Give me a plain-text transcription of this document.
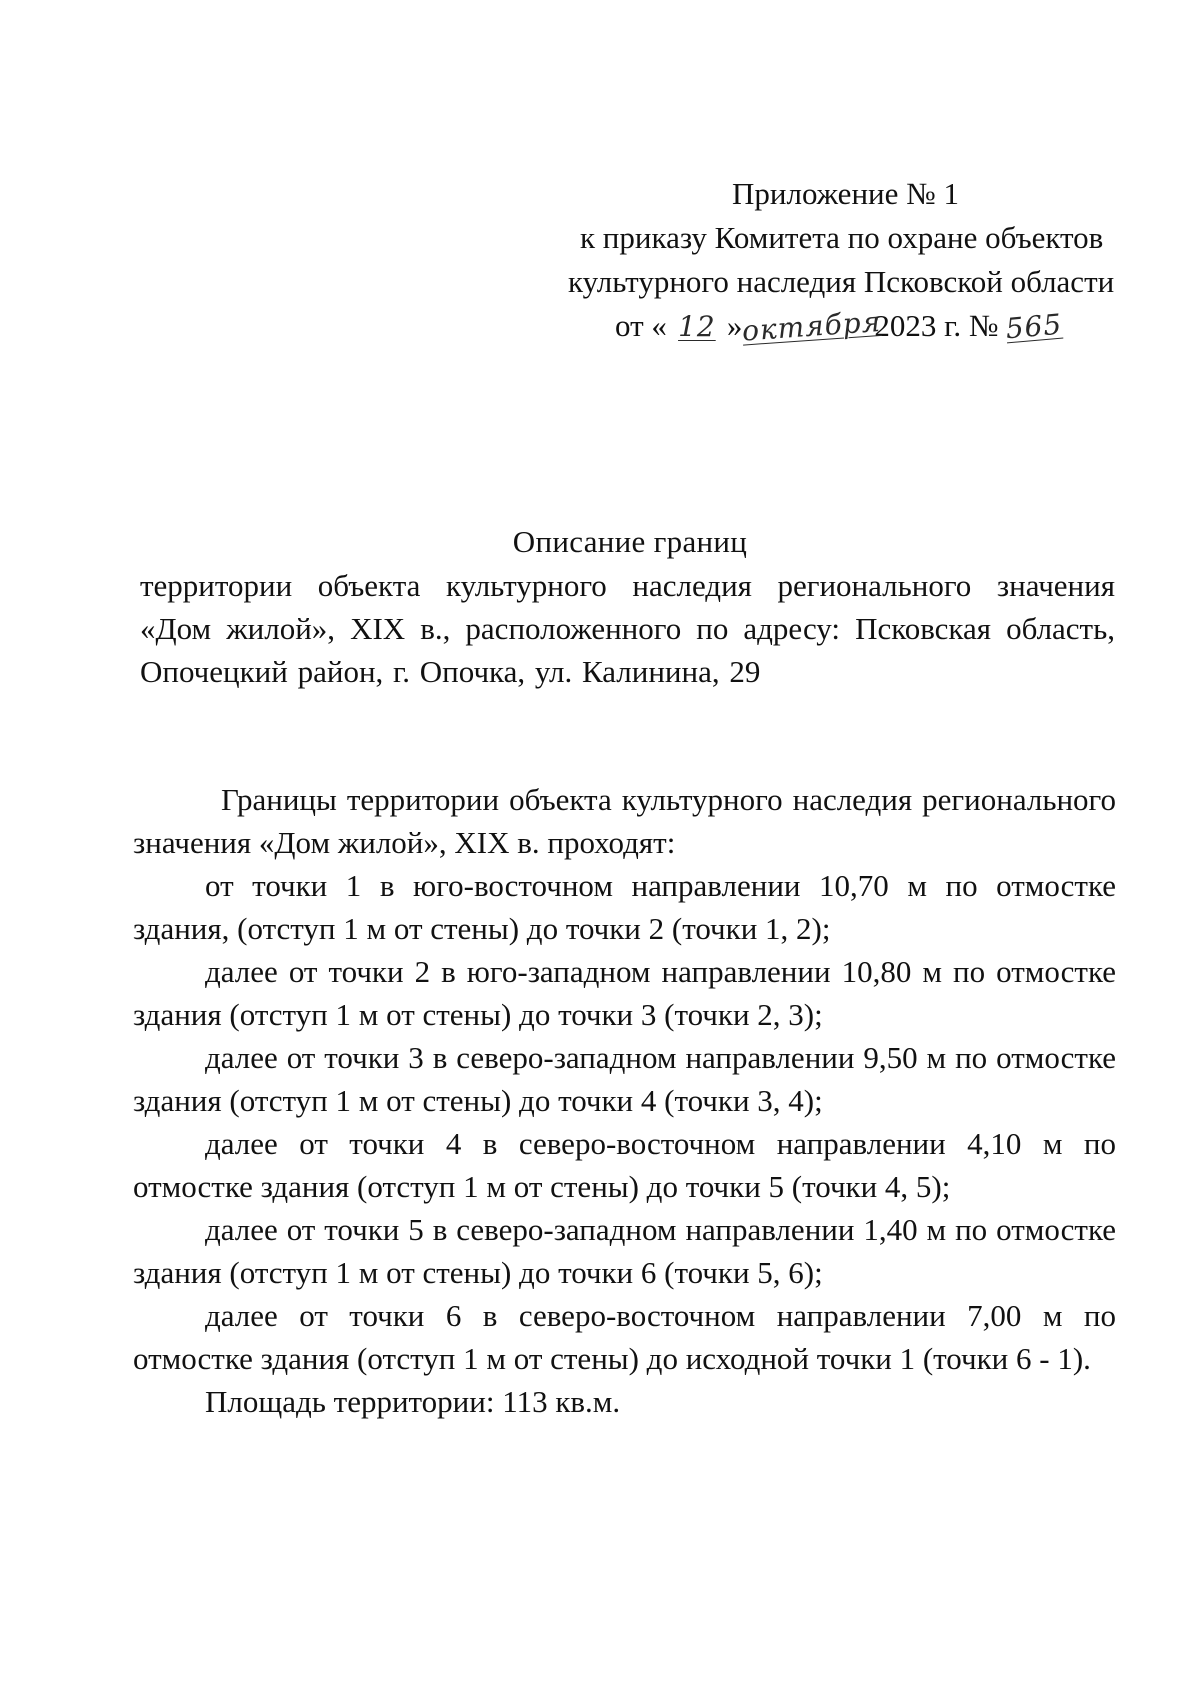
Приложение № 1
к приказу Комитета по охране объектов
культурного наследия Псковской области
от « 12 »октября2023 г. № 565
Описание границ
территории объекта культурного наследия регионального значения «Дом жилой», XIX в., расположенного по адресу: Псковская область, Опочецкий район, г. Опочка, ул. Калинина, 29

Границы территории объекта культурного наследия регионального значения «Дом жилой», XIX в. проходят:

от точки 1 в юго-восточном направлении 10,70 м по отмостке здания, (отступ 1 м от стены) до точки 2 (точки 1, 2);

далее от точки 2 в юго-западном направлении 10,80 м по отмостке здания (отступ 1 м от стены) до точки 3 (точки 2, 3);

далее от точки 3 в северо-западном направлении 9,50 м по отмостке здания (отступ 1 м от стены) до точки 4 (точки 3, 4);

далее от точки 4 в северо-восточном направлении 4,10 м по отмостке здания (отступ 1 м от стены) до точки 5 (точки 4, 5);

далее от точки 5 в северо-западном направлении 1,40 м по отмостке здания (отступ 1 м от стены) до точки 6 (точки 5, 6);

далее от точки 6 в северо-восточном направлении 7,00 м по отмостке здания (отступ 1 м от стены) до исходной точки 1 (точки 6 - 1).

Площадь территории: 113 кв.м.
